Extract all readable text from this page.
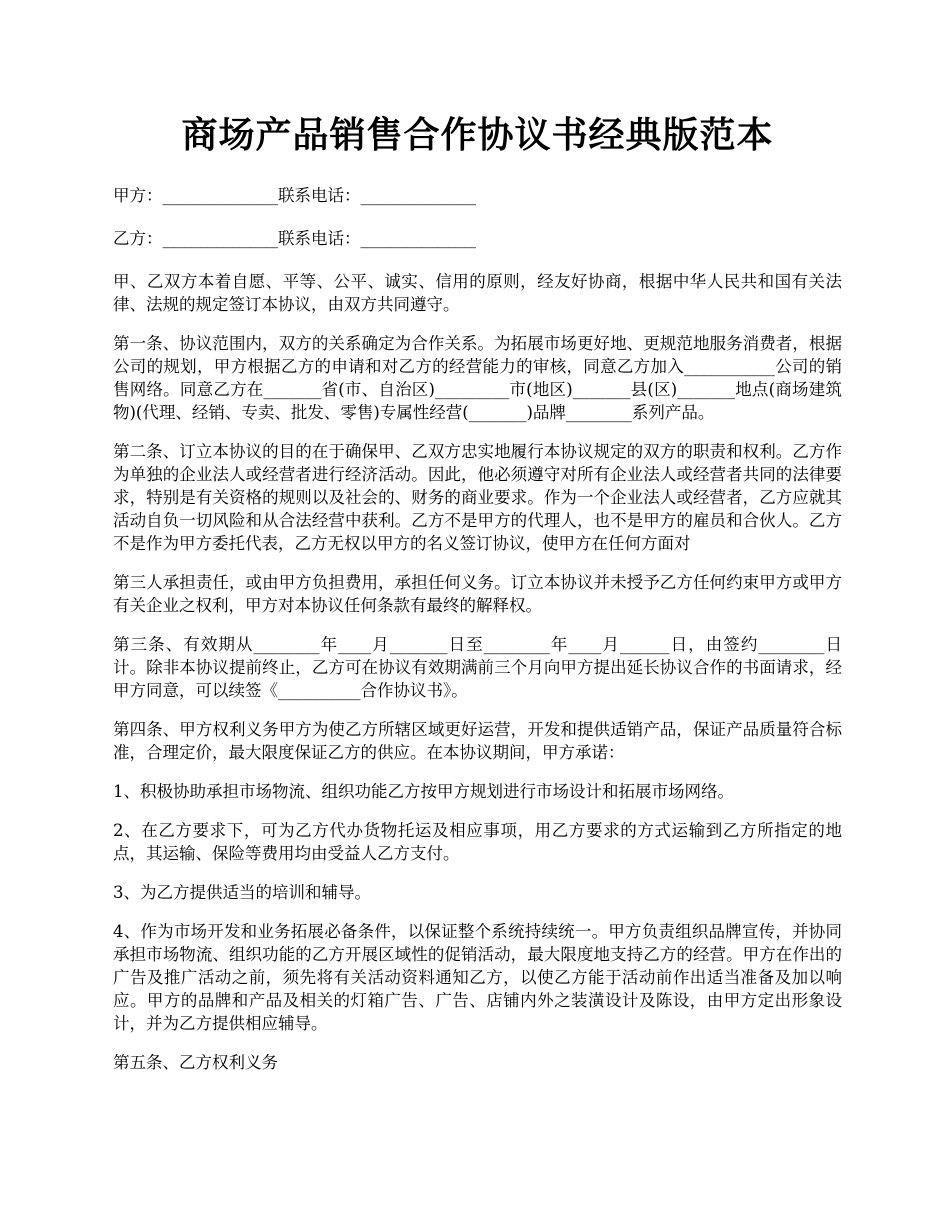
商场产品销售合作协议书经典版范本

甲方：______________联系电话：______________

乙方：______________联系电话：______________

甲、乙双方本着自愿、平等、公平、诚实、信用的原则，经友好协商，根据中华人民共和国有关法律、法规的规定签订本协议，由双方共同遵守。

第一条、协议范围内，双方的关系确定为合作关系。为拓展市场更好地、更规范地服务消费者，根据公司的规划，甲方根据乙方的申请和对乙方的经营能力的审核，同意乙方加入___________公司的销售网络。同意乙方在_______省(市、自治区)_________市(地区)_______县(区)_______地点(商场建筑物)(代理、经销、专卖、批发、零售)专属性经营(_______)品牌________系列产品。

第二条、订立本协议的目的在于确保甲、乙双方忠实地履行本协议规定的双方的职责和权利。乙方作为单独的企业法人或经营者进行经济活动。因此，他必须遵守对所有企业法人或经营者共同的法律要求，特别是有关资格的规则以及社会的、财务的商业要求。作为一个企业法人或经营者，乙方应就其活动自负一切风险和从合法经营中获利。乙方不是甲方的代理人，也不是甲方的雇员和合伙人。乙方不是作为甲方委托代表，乙方无权以甲方的名义签订协议，使甲方在任何方面对

第三人承担责任，或由甲方负担费用，承担任何义务。订立本协议并未授予乙方任何约束甲方或甲方有关企业之权利，甲方对本协议任何条款有最终的解释权。

第三条、有效期从________年____月_______日至________年____月______日，由签约________日计。除非本协议提前终止，乙方可在协议有效期满前三个月向甲方提出延长协议合作的书面请求，经甲方同意，可以续签《__________合作协议书》。

第四条、甲方权利义务甲方为使乙方所辖区域更好运营，开发和提供适销产品，保证产品质量符合标准，合理定价，最大限度保证乙方的供应。在本协议期间，甲方承诺：

1、积极协助承担市场物流、组织功能乙方按甲方规划进行市场设计和拓展市场网络。

2、在乙方要求下，可为乙方代办货物托运及相应事项，用乙方要求的方式运输到乙方所指定的地点，其运输、保险等费用均由受益人乙方支付。

3、为乙方提供适当的培训和辅导。

4、作为市场开发和业务拓展必备条件，以保证整个系统持续统一。甲方负责组织品牌宣传，并协同承担市场物流、组织功能的乙方开展区域性的促销活动，最大限度地支持乙方的经营。甲方在作出的广告及推广活动之前，须先将有关活动资料通知乙方，以使乙方能于活动前作出适当准备及加以响应。甲方的品牌和产品及相关的灯箱广告、广告、店铺内外之装潢设计及陈设，由甲方定出形象设计，并为乙方提供相应辅导。

第五条、乙方权利义务
